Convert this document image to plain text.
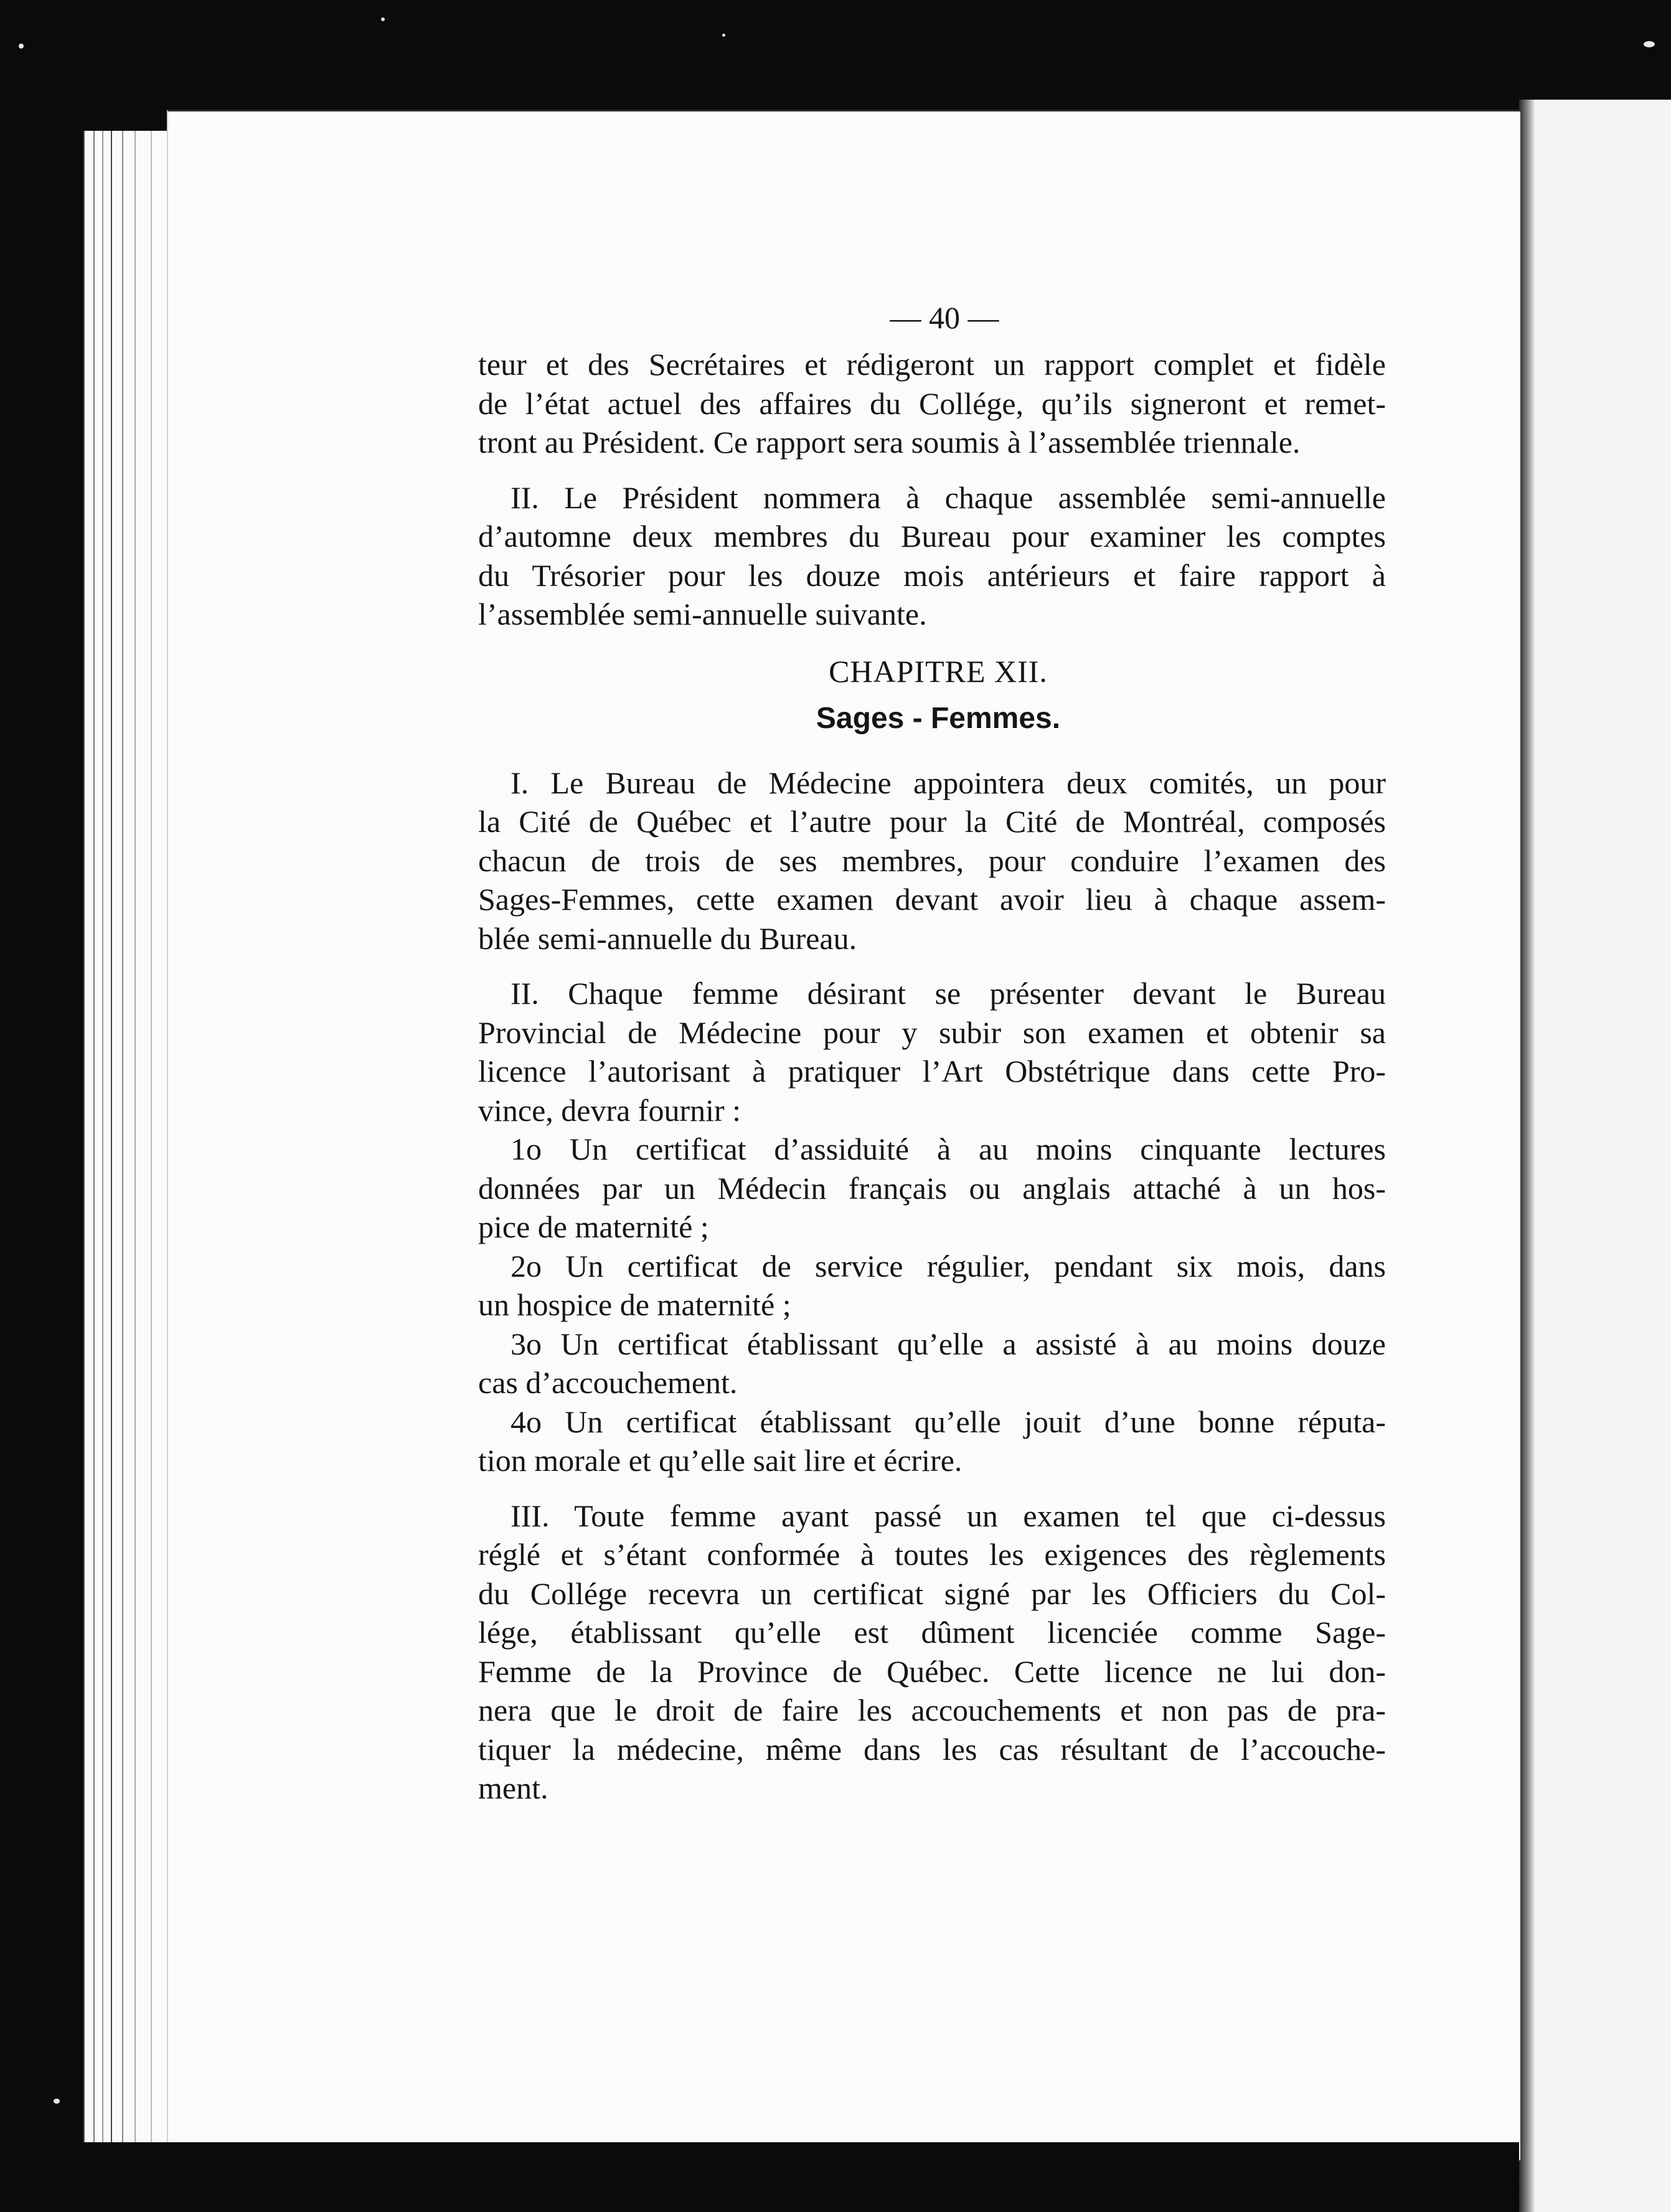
— 40 —
teur et des Secrétaires et rédigeront un rapport complet et fidèle
de l’état actuel des affaires du Collége, qu’ils signeront et remet-
tront au Président. Ce rapport sera soumis à l’assemblée triennale.
II. Le Président nommera à chaque assemblée semi-annuelle
d’automne deux membres du Bureau pour examiner les comptes
du Trésorier pour les douze mois antérieurs et faire rapport à
l’assemblée semi-annuelle suivante.
CHAPITRE XII.
Sages - Femmes.
I. Le Bureau de Médecine appointera deux comités, un pour
la Cité de Québec et l’autre pour la Cité de Montréal, composés
chacun de trois de ses membres, pour conduire l’examen des
Sages-Femmes, cette examen devant avoir lieu à chaque assem-
blée semi-annuelle du Bureau.
II. Chaque femme désirant se présenter devant le Bureau
Provincial de Médecine pour y subir son examen et obtenir sa
licence l’autorisant à pratiquer l’Art Obstétrique dans cette Pro-
vince, devra fournir :
1o Un certificat d’assiduité à au moins cinquante lectures
données par un Médecin français ou anglais attaché à un hos-
pice de maternité ;
2o Un certificat de service régulier, pendant six mois, dans
un hospice de maternité ;
3o Un certificat établissant qu’elle a assisté à au moins douze
cas d’accouchement.
4o Un certificat établissant qu’elle jouit d’une bonne réputa-
tion morale et qu’elle sait lire et écrire.
III. Toute femme ayant passé un examen tel que ci-dessus
réglé et s’étant conformée à toutes les exigences des règlements
du Collége recevra un certificat signé par les Officiers du Col-
lége, établissant qu’elle est dûment licenciée comme Sage-
Femme de la Province de Québec. Cette licence ne lui don-
nera que le droit de faire les accouchements et non pas de pra-
tiquer la médecine, même dans les cas résultant de l’accouche-
ment.
